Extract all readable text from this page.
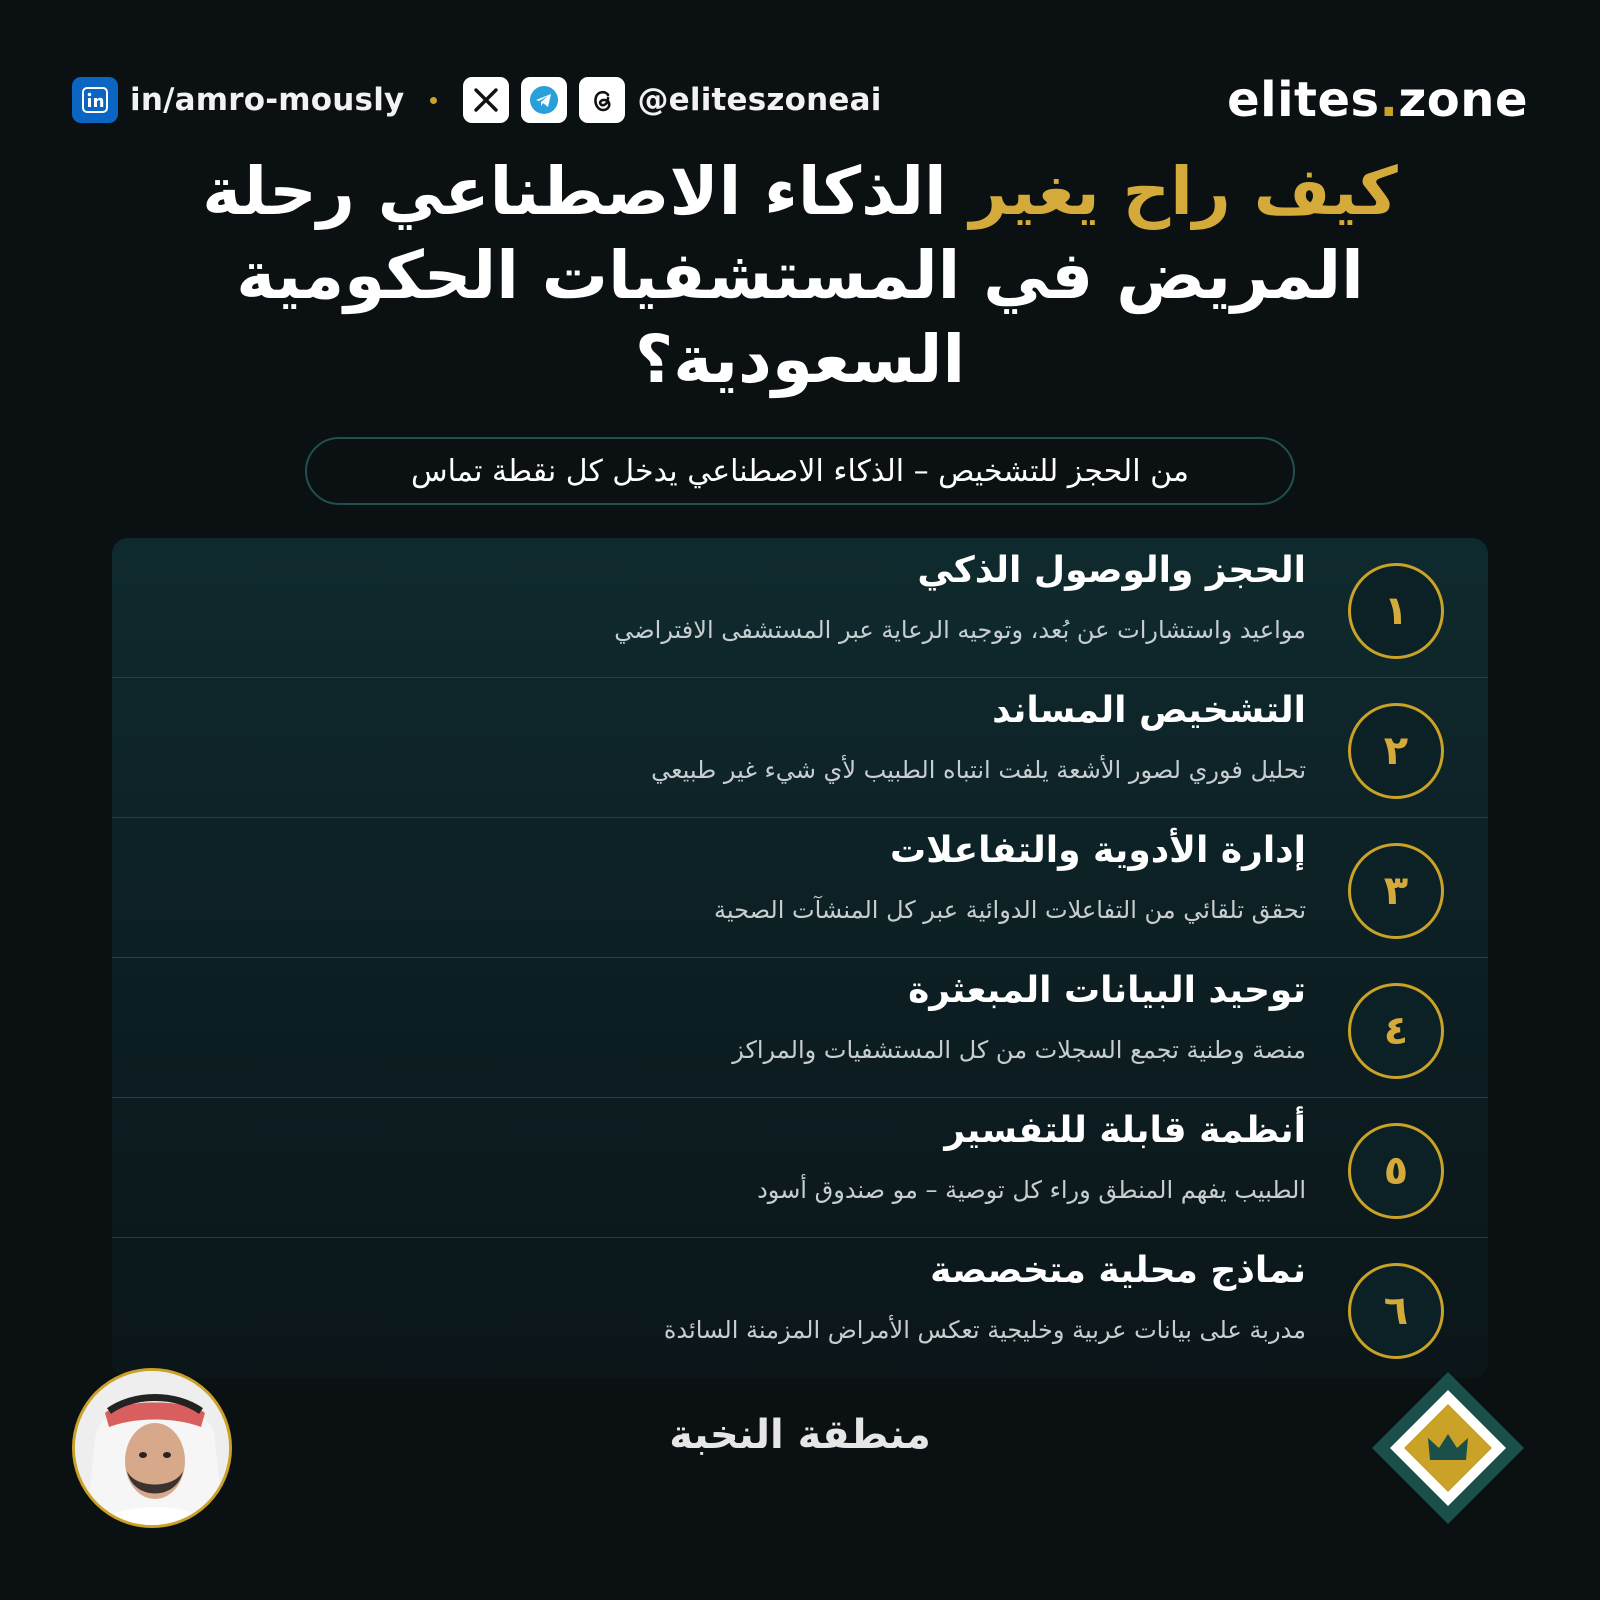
in/amro-mously	@eliteszoneai	elites.zone
كيف راح يغير الذكاء الاصطناعي رحلة
المريض في المستشفيات الحكومية
السعودية؟
من الحجز للتشخيص – الذكاء الاصطناعي يدخل كل نقطة تماس
١
الحجز والوصول الذكي
مواعيد واستشارات عن بُعد، وتوجيه الرعاية عبر المستشفى الافتراضي
٢
التشخيص المساند
تحليل فوري لصور الأشعة يلفت انتباه الطبيب لأي شيء غير طبيعي
٣
إدارة الأدوية والتفاعلات
تحقق تلقائي من التفاعلات الدوائية عبر كل المنشآت الصحية
٤
توحيد البيانات المبعثرة
منصة وطنية تجمع السجلات من كل المستشفيات والمراكز
٥
أنظمة قابلة للتفسير
الطبيب يفهم المنطق وراء كل توصية – مو صندوق أسود
٦
نماذج محلية متخصصة
مدربة على بيانات عربية وخليجية تعكس الأمراض المزمنة السائدة
منطقة النخبة
